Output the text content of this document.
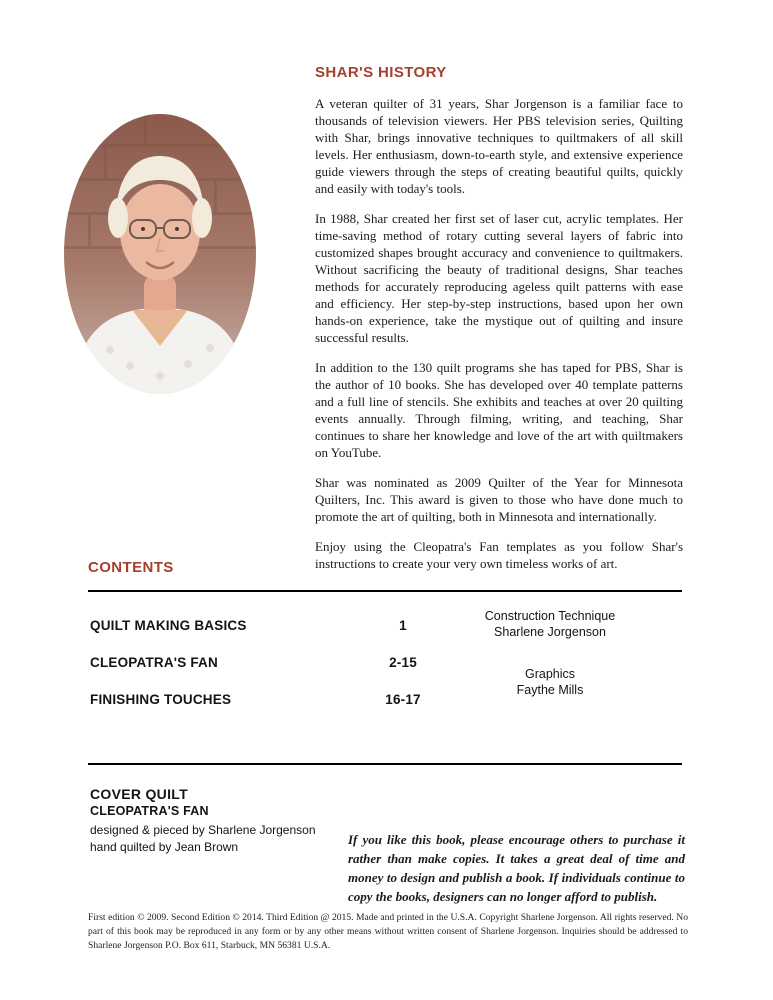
SHAR'S HISTORY

A veteran quilter of 31 years, Shar Jorgenson is a familiar face to thousands of television viewers. Her PBS television series, Quilting with Shar, brings innovative techniques to quiltmakers of all skill levels. Her enthusiasm, down-to-earth style, and extensive experience guide viewers through the steps of creating beautiful quilts, quickly and easily with today's tools.

In 1988, Shar created her first set of laser cut, acrylic templates. Her time-saving method of rotary cutting several layers of fabric into customized shapes brought accuracy and convenience to quiltmakers. Without sacrificing the beauty of traditional designs, Shar teaches methods for accurately reproducing ageless quilt patterns with ease and efficiency. Her step-by-step instructions, based upon her own hands-on experience, take the mystique out of quilting and insure successful results.

In addition to the 130 quilt programs she has taped for PBS, Shar is the author of 10 books. She has developed over 40 template patterns and a full line of stencils. She exhibits and teaches at over 20 quilting events annually. Through filming, writing, and teaching, Shar continues to share her knowledge and love of the art with quiltmakers on YouTube.

Shar was nominated as 2009 Quilter of the Year for Minnesota Quilters, Inc. This award is given to those who have done much to promote the art of quilting, both in Minnesota and internationally.

Enjoy using the Cleopatra's Fan templates as you follow Shar's instructions to create your very own timeless works of art.

CONTENTS
QUILT MAKING BASICS	1
CLEOPATRA'S FAN	2-15
FINISHING TOUCHES	16-17
Construction Technique
Sharlene Jorgenson
Graphics
Faythe Mills

COVER QUILT

CLEOPATRA'S FAN

designed & pieced by Sharlene Jorgenson

hand quilted by Jean Brown	If you like this book, please encourage others to purchase it rather than make copies. It takes a great deal of time and money to design and publish a book. If individuals continue to copy the books, designers can no longer afford to publish.

First edition © 2009. Second Edition © 2014. Third Edition @ 2015. Made and printed in the U.S.A. Copyright Sharlene Jorgenson. All rights reserved. No part of this book may be reproduced in any form or by any other means without written consent of Sharlene Jorgenson. Inquiries should be addressed to Sharlene Jorgenson P.O. Box 611, Starbuck, MN 56381 U.S.A.
